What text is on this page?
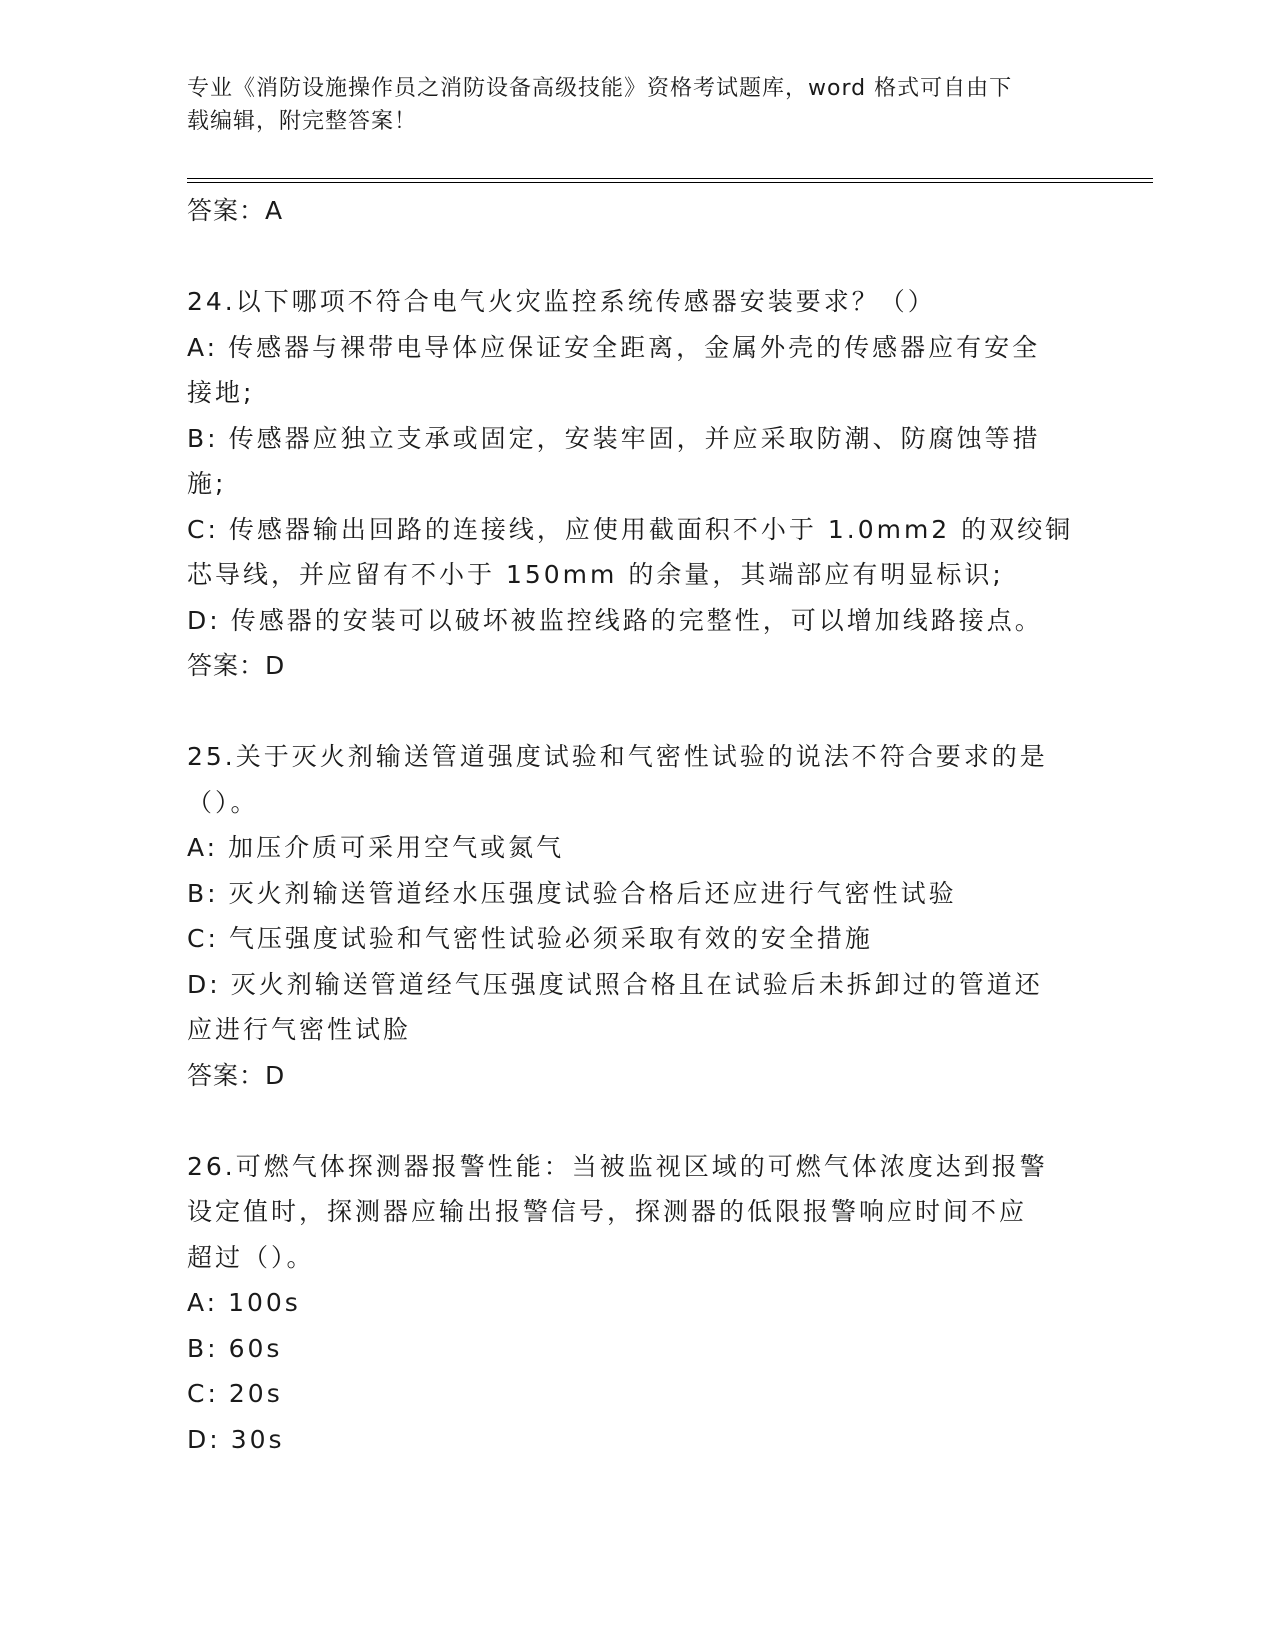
专业《消防设施操作员之消防设备高级技能》资格考试题库，word 格式可自由下
载编辑，附完整答案！
答案：A
24.以下哪项不符合电气火灾监控系统传感器安装要求？（）
A: 传感器与裸带电导体应保证安全距离，金属外壳的传感器应有安全
接地;
B: 传感器应独立支承或固定，安装牢固，并应采取防潮、防腐蚀等措
施;
C: 传感器输出回路的连接线，应使用截面积不小于 1.0mm2 的双绞铜
芯导线，并应留有不小于 150mm 的余量，其端部应有明显标识;
D: 传感器的安装可以破坏被监控线路的完整性，可以增加线路接点。
答案：D
25.关于灭火剂输送管道强度试验和气密性试验的说法不符合要求的是
（）。
A: 加压介质可采用空气或氮气
B: 灭火剂输送管道经水压强度试验合格后还应进行气密性试验
C: 气压强度试验和气密性试验必须采取有效的安全措施
D: 灭火剂输送管道经气压强度试照合格且在试验后未拆卸过的管道还
应进行气密性试脸
答案：D
26.可燃气体探测器报警性能：当被监视区域的可燃气体浓度达到报警
设定值时，探测器应输出报警信号，探测器的低限报警响应时间不应
超过（）。
A: 100s
B: 60s
C: 20s
D: 30s
